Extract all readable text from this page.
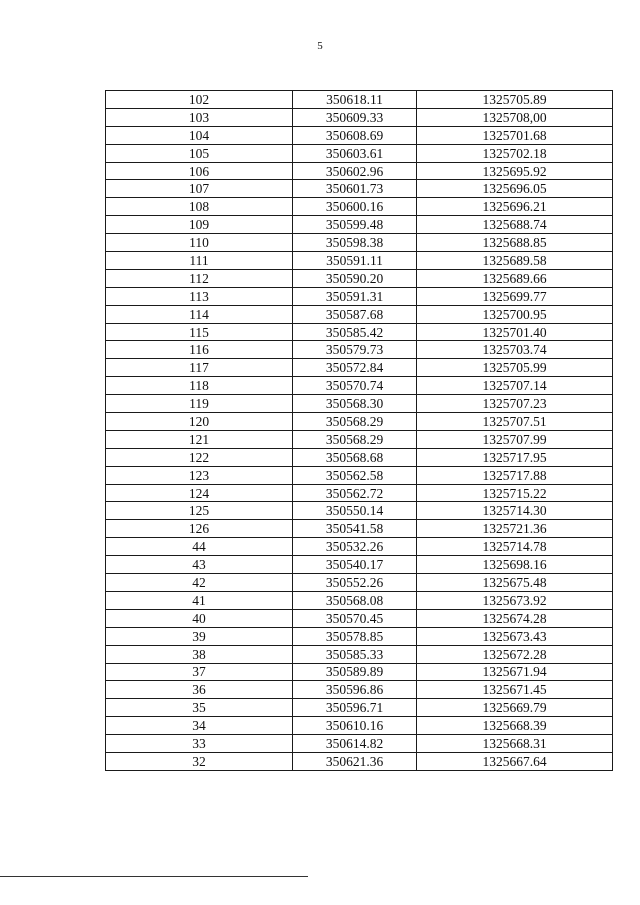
5
102	350618.11	1325705.89
103	350609.33	1325708,00
104	350608.69	1325701.68
105	350603.61	1325702.18
106	350602.96	1325695.92
107	350601.73	1325696.05
108	350600.16	1325696.21
109	350599.48	1325688.74
110	350598.38	1325688.85
111	350591.11	1325689.58
112	350590.20	1325689.66
113	350591.31	1325699.77
114	350587.68	1325700.95
115	350585.42	1325701.40
116	350579.73	1325703.74
117	350572.84	1325705.99
118	350570.74	1325707.14
119	350568.30	1325707.23
120	350568.29	1325707.51
121	350568.29	1325707.99
122	350568.68	1325717.95
123	350562.58	1325717.88
124	350562.72	1325715.22
125	350550.14	1325714.30
126	350541.58	1325721.36
44	350532.26	1325714.78
43	350540.17	1325698.16
42	350552.26	1325675.48
41	350568.08	1325673.92
40	350570.45	1325674.28
39	350578.85	1325673.43
38	350585.33	1325672.28
37	350589.89	1325671.94
36	350596.86	1325671.45
35	350596.71	1325669.79
34	350610.16	1325668.39
33	350614.82	1325668.31
32	350621.36	1325667.64
